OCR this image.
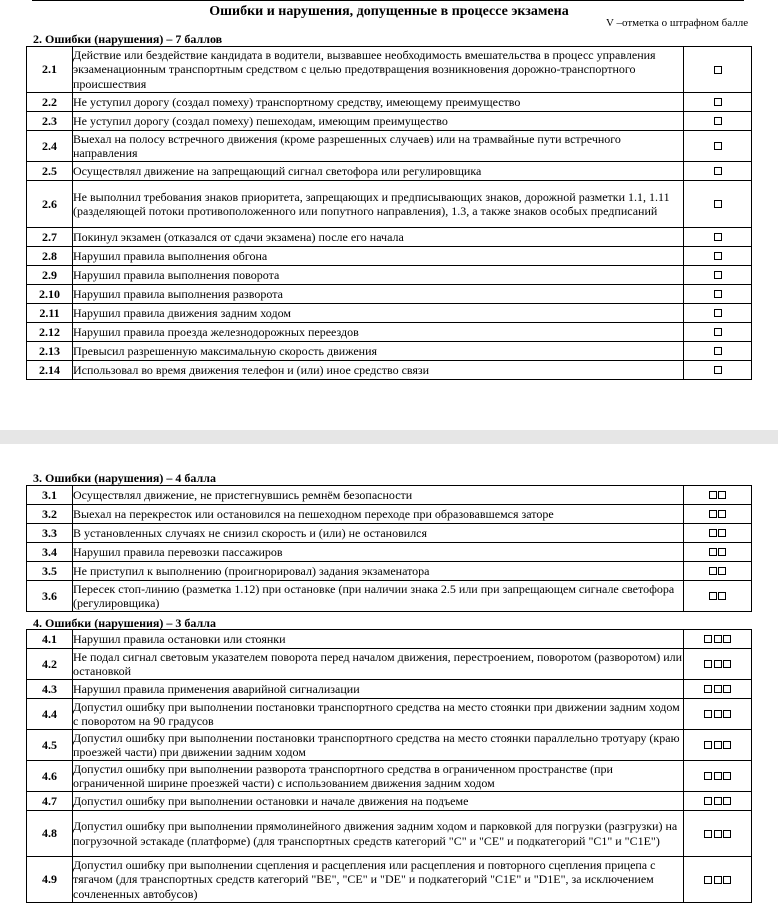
Ошибки и нарушения, допущенные в процессе экзамена
V –отметка о штрафном балле
2. Ошибки (нарушения) – 7 баллов
2.1	Действие или бездействие кандидата в водители, вызвавшее необходимость вмешательства в процесс управления экзаменационным транспортным средством с целью предотвращения возникновения дорожно-транспортного происшествия	
2.2	Не уступил дорогу (создал помеху) транспортному средству, имеющему преимущество	
2.3	Не уступил дорогу (создал помеху) пешеходам, имеющим преимущество	
2.4	Выехал на полосу встречного движения (кроме разрешенных случаев) или на трамвайные пути встречного направления	
2.5	Осуществлял движение на запрещающий сигнал светофора или регулировщика	
2.6	Не выполнил требования знаков приоритета, запрещающих и предписывающих знаков, дорожной разметки 1.1, 1.11 (разделяющей потоки противоположенного или попутного направления), 1.3, а также знаков особых предписаний	
2.7	Покинул экзамен (отказался от сдачи экзамена) после его начала	
2.8	Нарушил правила выполнения обгона	
2.9	Нарушил правила выполнения поворота	
2.10	Нарушил правила выполнения разворота	
2.11	Нарушил правила движения задним ходом	
2.12	Нарушил правила проезда железнодорожных переездов	
2.13	Превысил разрешенную максимальную скорость движения	
2.14	Использовал во время движения телефон и (или) иное средство связи	
3. Ошибки (нарушения) – 4 балла
3.1	Осуществлял движение, не пристегнувшись ремнём безопасности	
3.2	Выехал на перекресток или остановился на пешеходном переходе при образовавшемся заторе	
3.3	В установленных случаях не снизил скорость и (или) не остановился	
3.4	Нарушил правила перевозки пассажиров	
3.5	Не приступил к выполнению (проигнорировал) задания экзаменатора	
3.6	Пересек стоп-линию (разметка 1.12) при остановке (при наличии знака 2.5 или при запрещающем сигнале светофора (регулировщика)	
4. Ошибки (нарушения) – 3 балла
4.1	Нарушил правила остановки или стоянки	
4.2	Не подал сигнал световым указателем поворота перед началом движения, перестроением, поворотом (разворотом) или остановкой	
4.3	Нарушил правила применения аварийной сигнализации	
4.4	Допустил ошибку при выполнении постановки транспортного средства на место стоянки при движении задним ходом с поворотом на 90 градусов	
4.5	Допустил ошибку при выполнении постановки транспортного средства на место стоянки параллельно тротуару (краю проезжей части) при движении задним ходом	
4.6	Допустил ошибку при выполнении разворота транспортного средства в ограниченном пространстве (при ограниченной ширине проезжей части) с использованием движения задним ходом	
4.7	Допустил ошибку при выполнении остановки и начале движения на подъеме	
4.8	Допустил ошибку при выполнении прямолинейного движения задним ходом и парковкой для погрузки (разгрузки) на погрузочной эстакаде (платформе) (для транспортных средств категорий "C" и "CE" и подкатегорий "C1" и "C1E")	
4.9	Допустил ошибку при выполнении сцепления и расцепления или расцепления и повторного сцепления прицепа с тягачом (для транспортных средств категорий "BE", "CE" и "DE" и подкатегорий "C1E" и "D1E", за исключением сочлененных автобусов)	
